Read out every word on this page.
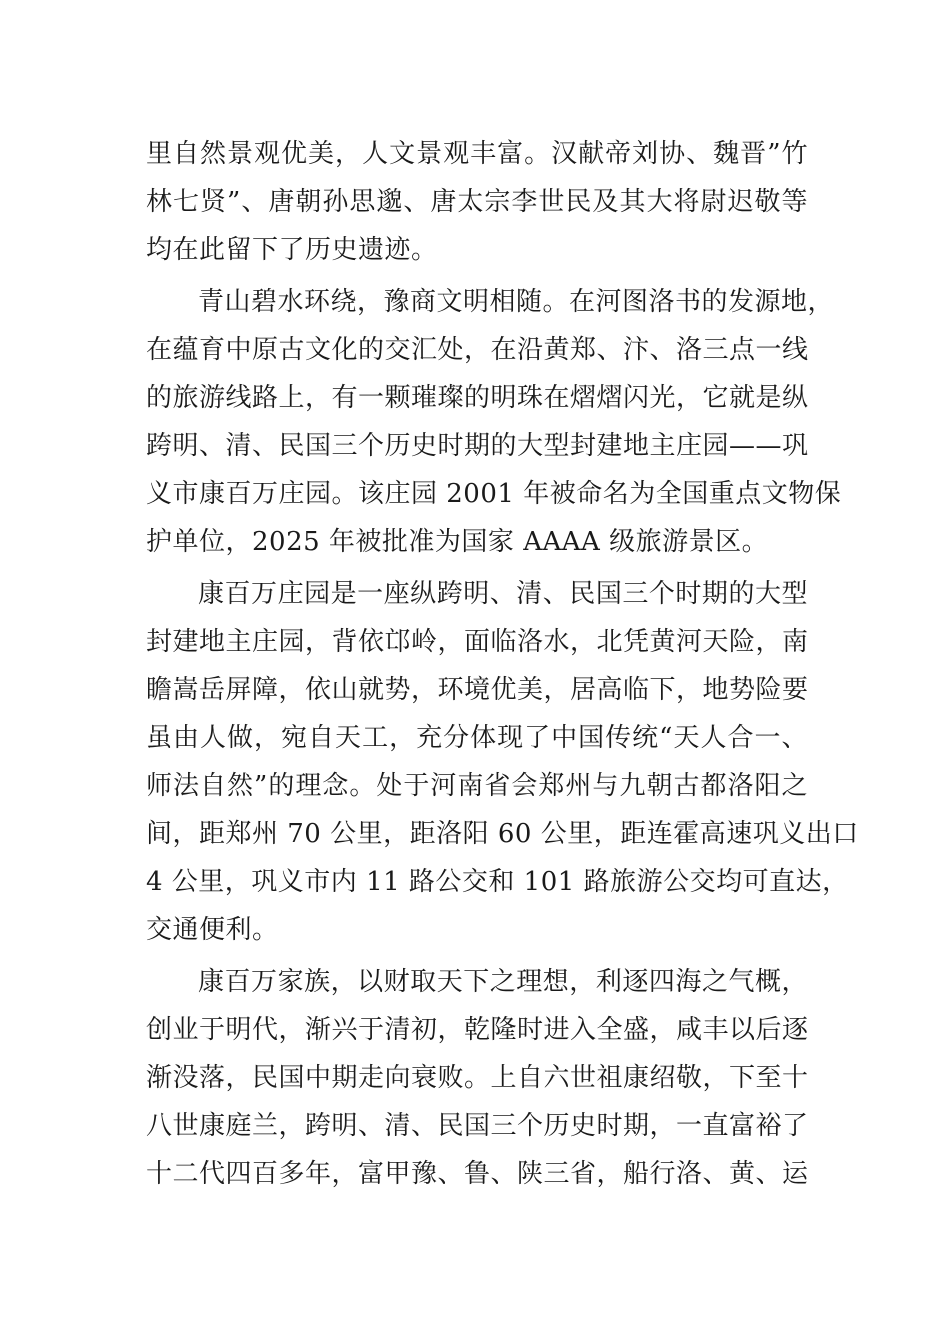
里自然景观优美，人文景观丰富。汉献帝刘协、魏晋”竹
林七贤”、唐朝孙思邈、唐太宗李世民及其大将尉迟敬等
均在此留下了历史遗迹。
青山碧水环绕，豫商文明相随。在河图洛书的发源地，
在蕴育中原古文化的交汇处，在沿黄郑、汴、洛三点一线
的旅游线路上，有一颗璀璨的明珠在熠熠闪光，它就是纵
跨明、清、民国三个历史时期的大型封建地主庄园——巩
义市康百万庄园。该庄园 2001 年被命名为全国重点文物保
护单位，2025 年被批准为国家 AAAA 级旅游景区。
康百万庄园是一座纵跨明、清、民国三个时期的大型
封建地主庄园，背依邙岭，面临洛水，北凭黄河天险，南
瞻嵩岳屏障，依山就势，环境优美，居高临下，地势险要
虽由人做，宛自天工，充分体现了中国传统“天人合一、
师法自然”的理念。处于河南省会郑州与九朝古都洛阳之
间，距郑州 70 公里，距洛阳 60 公里，距连霍高速巩义出口
4 公里，巩义市内 11 路公交和 101 路旅游公交均可直达，
交通便利。
康百万家族，以财取天下之理想，利逐四海之气概，
创业于明代，渐兴于清初，乾隆时进入全盛，咸丰以后逐
渐没落，民国中期走向衰败。上自六世祖康绍敬，下至十
八世康庭兰，跨明、清、民国三个历史时期，一直富裕了
十二代四百多年，富甲豫、鲁、陕三省，船行洛、黄、运
